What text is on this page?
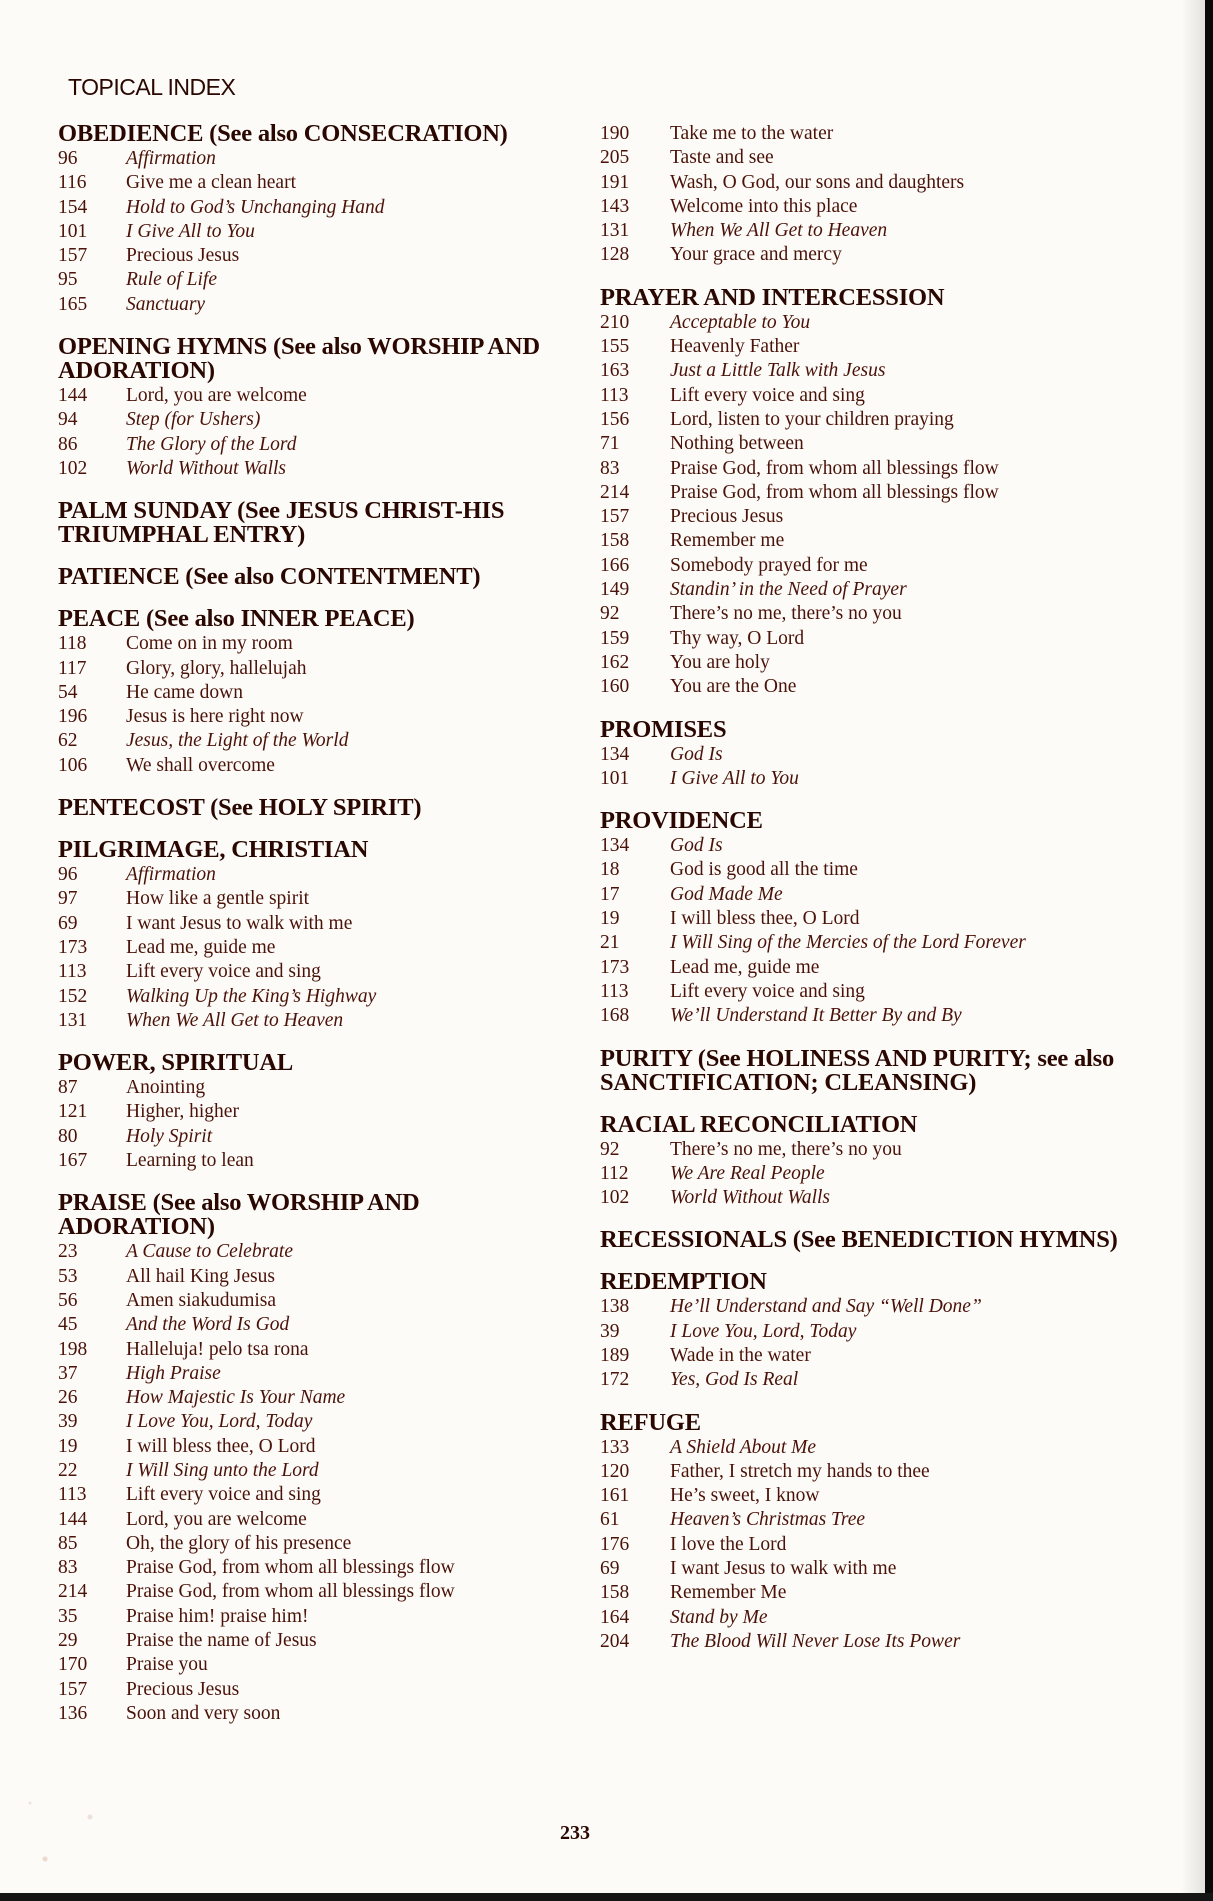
TOPICAL INDEX
OBEDIENCE (See also CONSECRATION)
96	Affirmation
116	Give me a clean heart
154	Hold to God’s Unchanging Hand
101	I Give All to You
157	Precious Jesus
95	Rule of Life
165	Sanctuary
OPENING HYMNS (See also WORSHIP AND ADORATION)
144	Lord, you are welcome
94	Step (for Ushers)
86	The Glory of the Lord
102	World Without Walls
PALM SUNDAY (See JESUS CHRIST-HIS TRIUMPHAL ENTRY)
PATIENCE (See also CONTENTMENT)
PEACE (See also INNER PEACE)
118	Come on in my room
117	Glory, glory, hallelujah
54	He came down
196	Jesus is here right now
62	Jesus, the Light of the World
106	We shall overcome
PENTECOST (See HOLY SPIRIT)
PILGRIMAGE, CHRISTIAN
96	Affirmation
97	How like a gentle spirit
69	I want Jesus to walk with me
173	Lead me, guide me
113	Lift every voice and sing
152	Walking Up the King’s Highway
131	When We All Get to Heaven
POWER, SPIRITUAL
87	Anointing
121	Higher, higher
80	Holy Spirit
167	Learning to lean
PRAISE (See also WORSHIP AND ADORATION)
23	A Cause to Celebrate
53	All hail King Jesus
56	Amen siakudumisa
45	And the Word Is God
198	Halleluja! pelo tsa rona
37	High Praise
26	How Majestic Is Your Name
39	I Love You, Lord, Today
19	I will bless thee, O Lord
22	I Will Sing unto the Lord
113	Lift every voice and sing
144	Lord, you are welcome
85	Oh, the glory of his presence
83	Praise God, from whom all blessings flow
214	Praise God, from whom all blessings flow
35	Praise him! praise him!
29	Praise the name of Jesus
170	Praise you
157	Precious Jesus
136	Soon and very soon
190	Take me to the water
205	Taste and see
191	Wash, O God, our sons and daughters
143	Welcome into this place
131	When We All Get to Heaven
128	Your grace and mercy
PRAYER AND INTERCESSION
210	Acceptable to You
155	Heavenly Father
163	Just a Little Talk with Jesus
113	Lift every voice and sing
156	Lord, listen to your children praying
71	Nothing between
83	Praise God, from whom all blessings flow
214	Praise God, from whom all blessings flow
157	Precious Jesus
158	Remember me
166	Somebody prayed for me
149	Standin’ in the Need of Prayer
92	There’s no me, there’s no you
159	Thy way, O Lord
162	You are holy
160	You are the One
PROMISES
134	God Is
101	I Give All to You
PROVIDENCE
134	God Is
18	God is good all the time
17	God Made Me
19	I will bless thee, O Lord
21	I Will Sing of the Mercies of the Lord Forever
173	Lead me, guide me
113	Lift every voice and sing
168	We’ll Understand It Better By and By
PURITY (See HOLINESS AND PURITY; see also SANCTIFICATION; CLEANSING)
RACIAL RECONCILIATION
92	There’s no me, there’s no you
112	We Are Real People
102	World Without Walls
RECESSIONALS (See BENEDICTION HYMNS)
REDEMPTION
138	He’ll Understand and Say “Well Done”
39	I Love You, Lord, Today
189	Wade in the water
172	Yes, God Is Real
REFUGE
133	A Shield About Me
120	Father, I stretch my hands to thee
161	He’s sweet, I know
61	Heaven’s Christmas Tree
176	I love the Lord
69	I want Jesus to walk with me
158	Remember Me
164	Stand by Me
204	The Blood Will Never Lose Its Power
233
